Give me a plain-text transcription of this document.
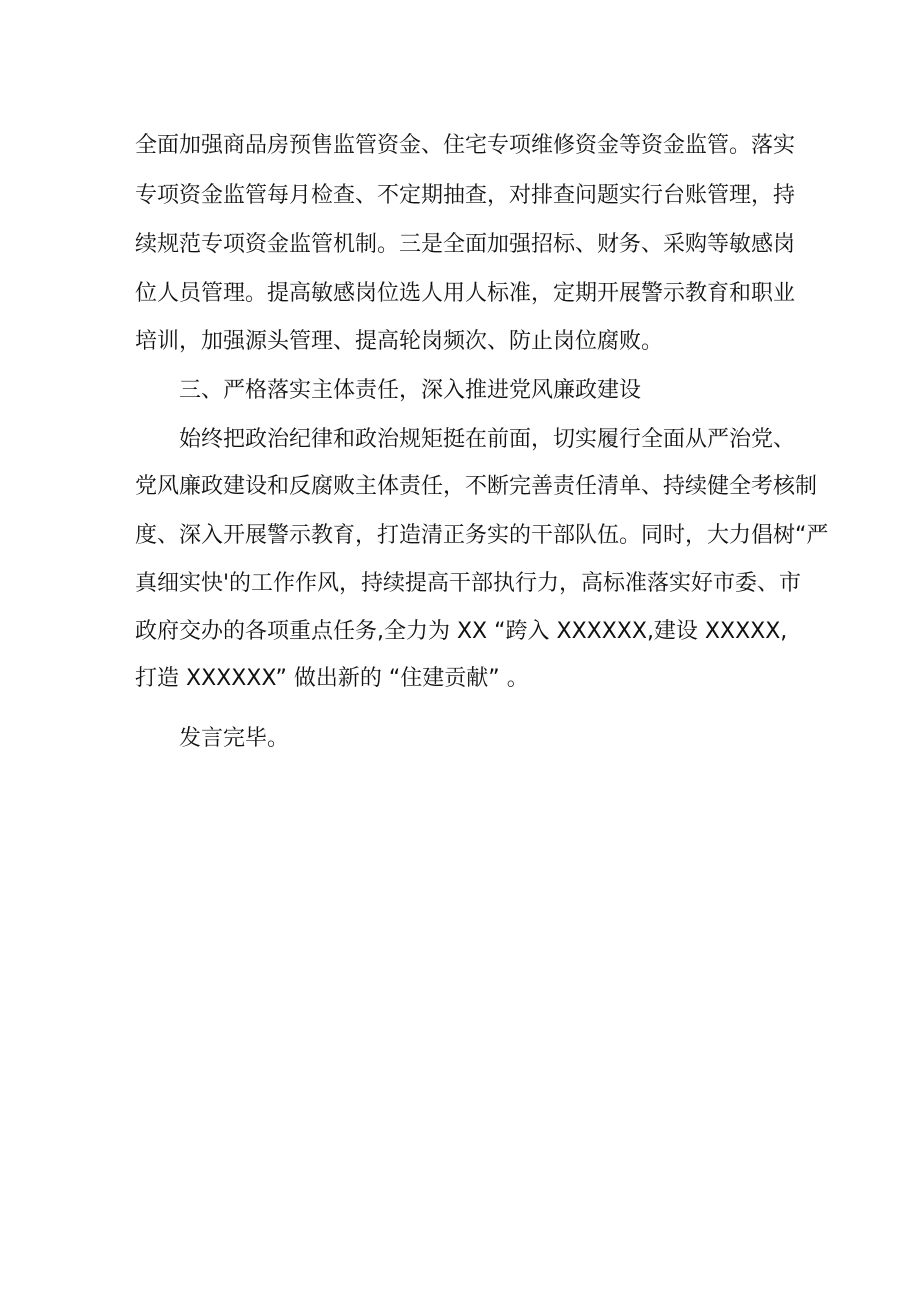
全面加强商品房预售监管资金、住宅专项维修资金等资金监管。落实

专项资金监管每月检查、不定期抽查，对排查问题实行台账管理，持

续规范专项资金监管机制。三是全面加强招标、财务、采购等敏感岗

位人员管理。提高敏感岗位选人用人标准，定期开展警示教育和职业

培训，加强源头管理、提高轮岗频次、防止岗位腐败。

三、严格落实主体责任，深入推进党风廉政建设

始终把政治纪律和政治规矩挺在前面，切实履行全面从严治党、

党风廉政建设和反腐败主体责任，不断完善责任清单、持续健全考核制

度、深入开展警示教育，打造清正务实的干部队伍。同时，大力倡树“严

真细实快'的工作作风，持续提高干部执行力，高标准落实好市委、市

政府交办的各项重点任务,全力为 XX “跨入 XXXXXX,建设 XXXXX,

打造 XXXXXX” 做出新的 “住建贡献” 。

发言完毕。
